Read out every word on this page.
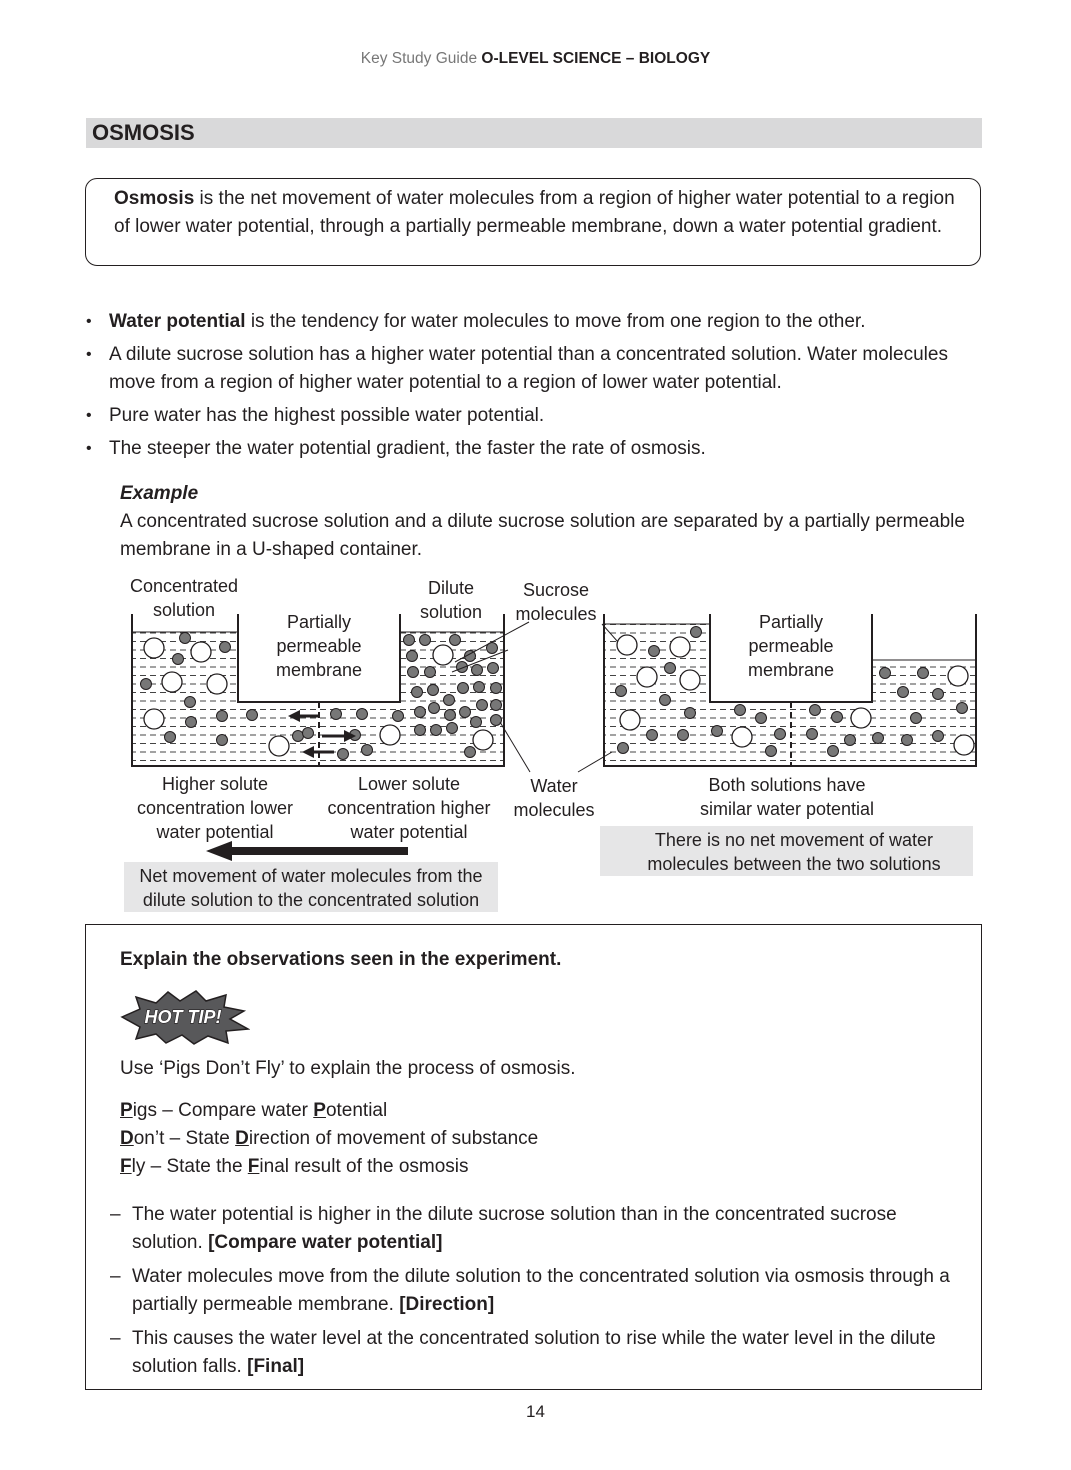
Key Study Guide O-LEVEL SCIENCE – BIOLOGY
OSMOSIS

Osmosis is the net movement of water molecules from a region of higher water potential to a region of lower water potential, through a partially permeable membrane, down a water potential gradient.

• Water potential is the tendency for water molecules to move from one region to the other.
• A dilute sucrose solution has a higher water potential than a concentrated solution. Water molecules move from a region of higher water potential to a region of lower water potential.
• Pure water has the highest possible water potential.
• The steeper the water potential gradient, the faster the rate of osmosis.

Example

A concentrated sucrose solution and a dilute sucrose solution are separated by a partially permeable membrane in a U-shaped container.

Concentrated solution
Dilute solution
Sucrose molecules
Partially permeable membrane
Partially permeable membrane
Water molecules
Higher solute concentration lower water potential
Lower solute concentration higher water potential
Both solutions have similar water potential
Net movement of water molecules from the dilute solution to the concentrated solution
There is no net movement of water molecules between the two solutions

Explain the observations seen in the experiment.

HOT TIP!

Use ‘Pigs Don’t Fly’ to explain the process of osmosis.

Pigs – Compare water Potential
Don’t – State Direction of movement of substance
Fly – State the Final result of the osmosis
– The water potential is higher in the dilute sucrose solution than in the concentrated sucrose solution. [Compare water potential]
– Water molecules move from the dilute solution to the concentrated solution via osmosis through a partially permeable membrane. [Direction]
– This causes the water level at the concentrated solution to rise while the water level in the dilute solution falls. [Final]
14
